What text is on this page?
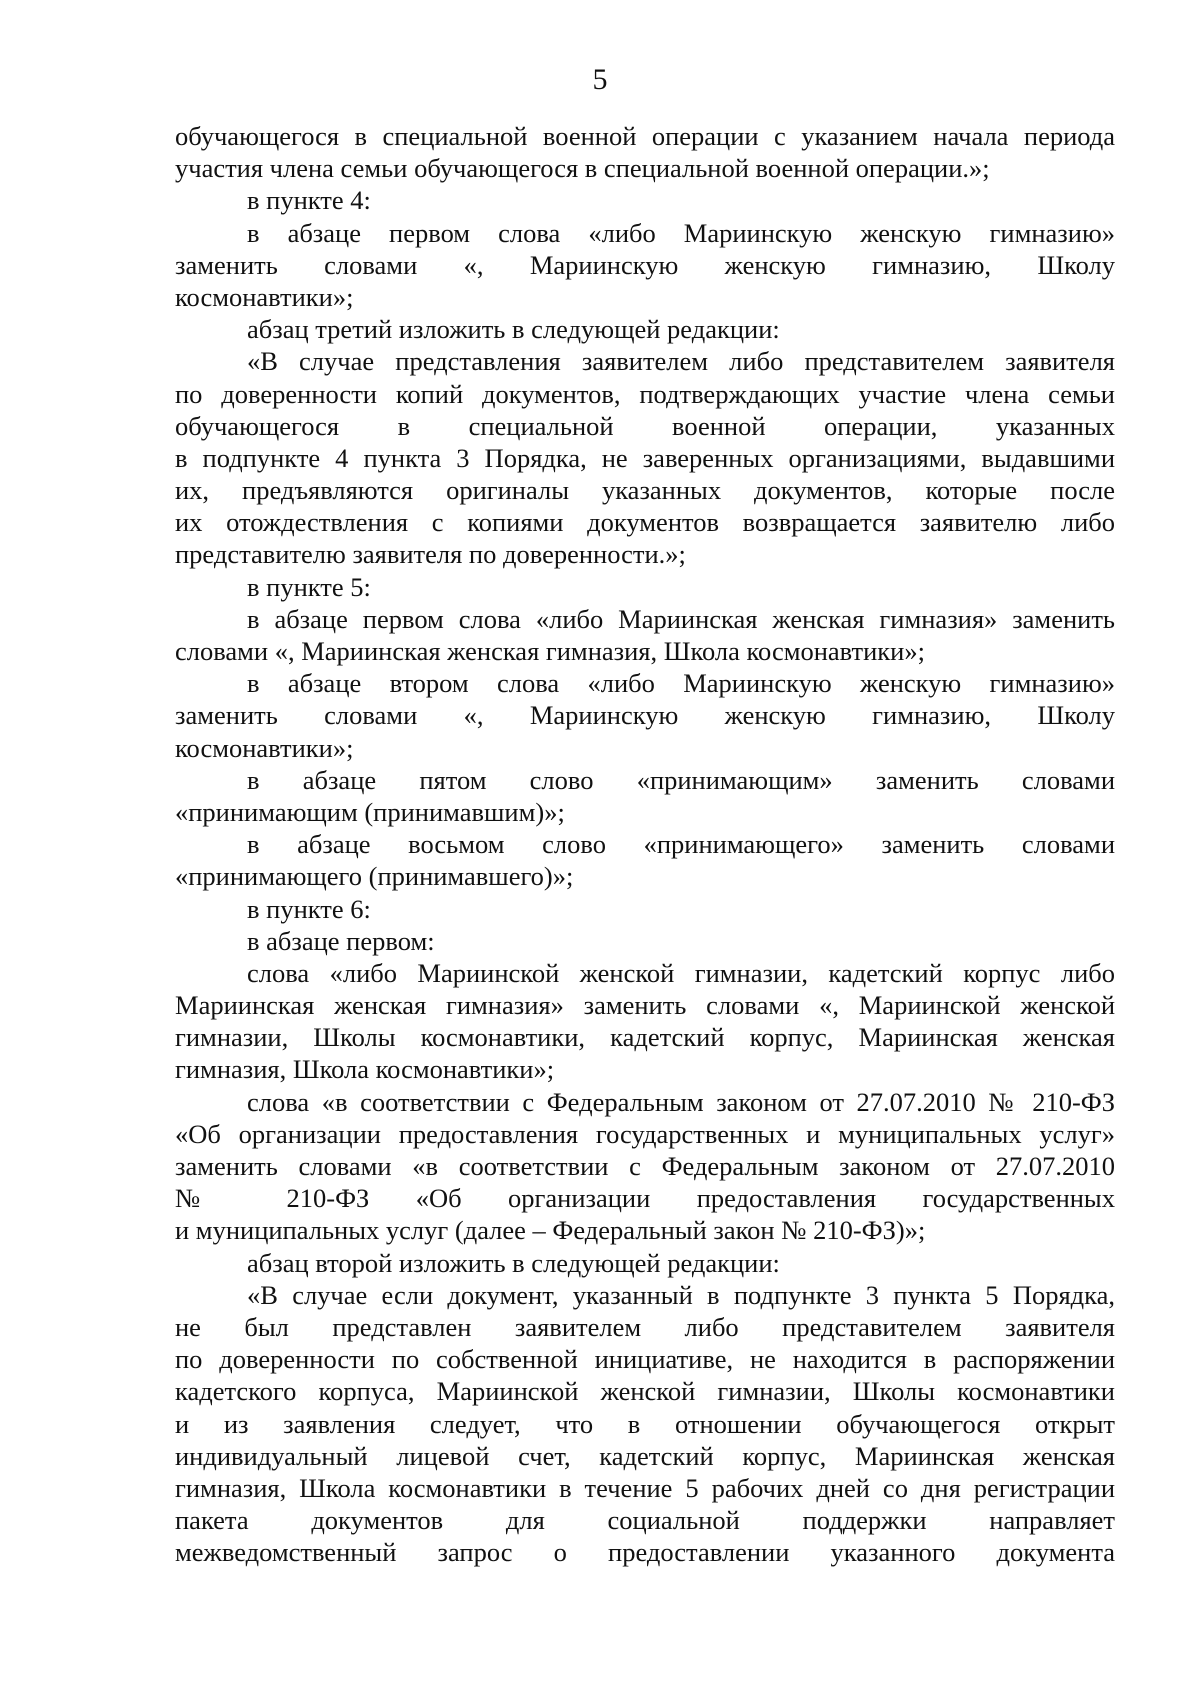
5
обучающегося в специальной военной операции с указанием начала периода
участия члена семьи обучающегося в специальной военной операции.»;
в пункте 4:
в абзаце первом слова «либо Мариинскую женскую гимназию»
заменить словами «, Мариинскую женскую гимназию, Школу
космонавтики»;
абзац третий изложить в следующей редакции:
«В случае представления заявителем либо представителем заявителя
по доверенности копий документов, подтверждающих участие члена семьи
обучающегося в специальной военной операции, указанных
в подпункте 4 пункта 3 Порядка, не заверенных организациями, выдавшими
их, предъявляются оригиналы указанных документов, которые после
их отождествления с копиями документов возвращается заявителю либо
представителю заявителя по доверенности.»;
в пункте 5:
в абзаце первом слова «либо Мариинская женская гимназия» заменить
словами «, Мариинская женская гимназия, Школа космонавтики»;
в абзаце втором слова «либо Мариинскую женскую гимназию»
заменить словами «, Мариинскую женскую гимназию, Школу
космонавтики»;
в абзаце пятом слово «принимающим» заменить словами
«принимающим (принимавшим)»;
в абзаце восьмом слово «принимающего» заменить словами
«принимающего (принимавшего)»;
в пункте 6:
в абзаце первом:
слова «либо Мариинской женской гимназии, кадетский корпус либо
Мариинская женская гимназия» заменить словами «, Мариинской женской
гимназии, Школы космонавтики, кадетский корпус, Мариинская женская
гимназия, Школа космонавтики»;
слова «в соответствии с Федеральным законом от 27.07.2010 № 210-ФЗ
«Об организации предоставления государственных и муниципальных услуг»
заменить словами «в соответствии с Федеральным законом от 27.07.2010
№ 210-ФЗ «Об организации предоставления государственных
и муниципальных услуг (далее – Федеральный закон № 210-ФЗ)»;
абзац второй изложить в следующей редакции:
«В случае если документ, указанный в подпункте 3 пункта 5 Порядка,
не был представлен заявителем либо представителем заявителя
по доверенности по собственной инициативе, не находится в распоряжении
кадетского корпуса, Мариинской женской гимназии, Школы космонавтики
и из заявления следует, что в отношении обучающегося открыт
индивидуальный лицевой счет, кадетский корпус, Мариинская женская
гимназия, Школа космонавтики в течение 5 рабочих дней со дня регистрации
пакета документов для социальной поддержки направляет
межведомственный запрос о предоставлении указанного документа
